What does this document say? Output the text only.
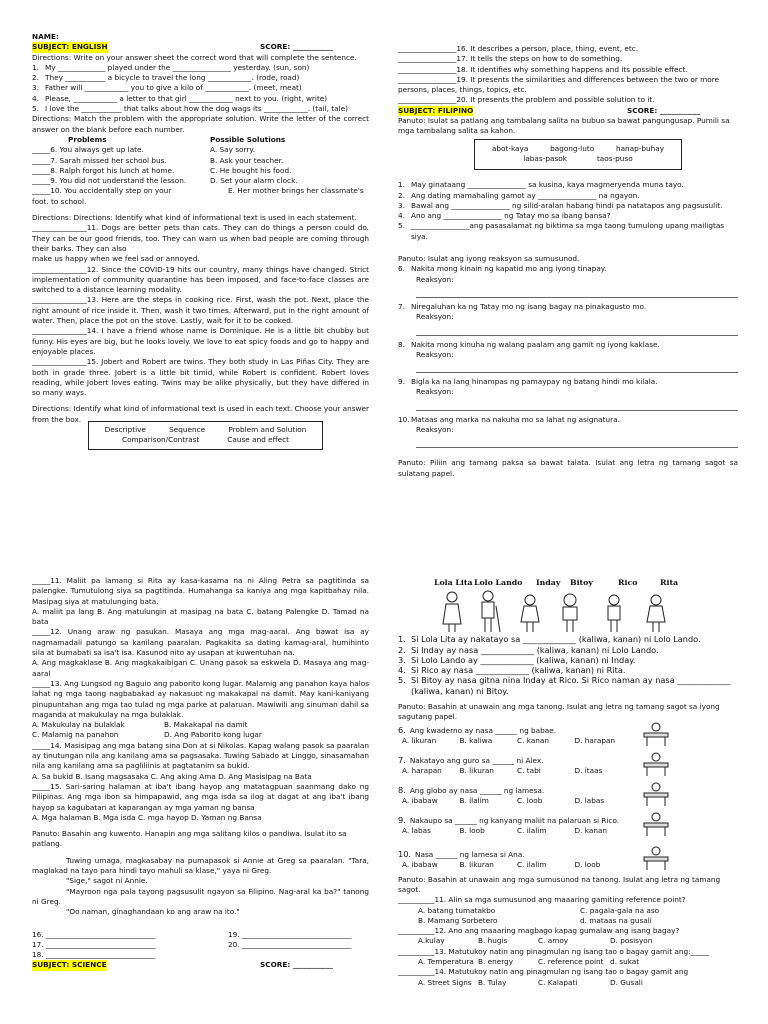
NAME:
SUBJECT: ENGLISH	SCORE: ___________
Directions: Write on your answer sheet the correct word that will complete the sentence.
1. My _____________ played under the ________________ yesterday. (sun, son)
2. They ___________ a bicycle to travel the long ____________. (rode, road)
3. Father will ____________ you to give a kilo of ____________. (meet, meat)
4. Please, ____________ a letter to that girl ____________ next to you. (right, write)
5. I love the ___________ that talks about how the dog wags its ____________. (tail, tale)
Directions: Match the problem with the appropriate solution. Write the letter of the correct answer on the blank before each number.
Problems	Possible Solutions
_____6. You always get up late.	A. Say sorry.
_____7. Sarah missed her school bus.	B. Ask your teacher.
_____8. Ralph forgot his lunch at home.	C. He bought his food.
_____9. You did not understand the lesson.	D. Set your alarm clock.
_____10. You accidentally step on your	E. Her mother brings her classmate's
foot. to school.
Directions: Directions: Identify what kind of informational text is used in each statement.
_______________11. Dogs are better pets than cats. They can do things a person could do. They can be our good friends, too. They can warn us when bad people are coming through their barks. They can also
make us happy when we feel sad or annoyed.
_______________12. Since the COVID-19 hits our country, many things have changed. Strict implementation of community quarantine has been imposed, and face-to-face classes are switched to a distance learning modality.
_______________13. Here are the steps in cooking rice. First, wash the pot. Next, place the right amount of rice inside it. Then, wash it two times. Afterward, put in the right amount of water. Then, place the pot on the stove. Lastly, wait for it to be cooked.
_______________14. I have a friend whose name is Dominique. He is a little bit chubby but funny. His eyes are big, but he looks lovely. We love to eat spicy foods and go to happy and enjoyable places.
_______________15. Jobert and Robert are twins. They both study in Las Piñas City. They are both in grade three. Jobert is a little bit timid, while Robert is confident. Robert loves reading, while Jobert loves eating. Twins may be alike physically, but they have differed in so many ways.
Directions: Identify what kind of informational text is used in each text. Choose your answer from the box.
Descriptive	Sequence	Problem and Solution
Comparison/Contrast	Cause and effect
________________16. It describes a person, place, thing, event, etc.
________________17. It tells the steps on how to do something.
________________18. It identifies why something happens and its possible effect.
________________19. It presents the similarities and differences between the two or more persons, places, things, topics, etc.
________________20. It presents the problem and possible solution to it.
SUBJECT: FILIPINO	SCORE: ___________
Panuto: Isulat sa patlang ang tambalang salita na bubuo sa bawat pangungusap. Pumili sa mga tambalang salita sa kahon.
abot-kaya	bagong-luto	hanap-buhay
labas-pasok	taos-puso
1. May ginataang ________________ sa kusina, kaya magmeryenda muna tayo.
2. Ang dating mamahaling gamot ay ________________ na ngayon.
3. Bawal ang ________________ ng silid-aralan habang hindi pa natatapos ang pagsusulit.
4. Ano ang ________________ ng Tatay mo sa ibang bansa?
5. ________________ang pasasalamat ng biktima sa mga taong tumulong upang mailigtas siya.
Panuto: Isulat ang iyong reaksyon sa sumusunod.
6. Nakita mong kinain ng kapatid mo ang iyong tinapay.
Reaksyon:
7. Niregaluhan ka ng Tatay mo ng isang bagay na pinakagusto mo.
Reaksyon:
8. Nakita mong kinuha ng walang paalam ang gamit ng iyong kaklase.
Reaksyon:
9. Bigla ka na lang hinampas ng pamaypay ng batang hindi mo kilala.
Reaksyon:
10. Mataas ang marka na nakuha mo sa lahat ng asignatura.
Reaksyon:
Panuto: Piliin ang tamang paksa sa bawat talata. Isulat ang letra ng tamang sagot sa sulatang papel.
_____11. Maliit pa lamang si Rita ay kasa-kasama na ni Aling Petra sa pagtitinda sa palengke. Tumutulong siya sa pagtitinda. Humahanga sa kaniya ang mga kapitbahay nila. Masipag siya at matulunging bata.
A. maliit pa lang B. Ang matulungin at masipag na bata C. batang Palengke D. Tamad na bata
_____12. Unang araw ng pasukan. Masaya ang mga mag-aaral. Ang bawat isa ay nagmamadali patungo sa kanilang paaralan. Pagkakita sa dating kamag-aral, humihinto sila at bumabati sa isa't isa. Kasunod nito ay usapan at kuwentuhan na.
A. Ang magkaklase B. Ang magkakaibigan C. Unang pasok sa eskwela D. Masaya ang mag-aaral
_____13. Ang Lungsod ng Baguio ang paborito kong lugar. Malamig ang panahon kaya halos lahat ng mga taong nagbabakad ay nakasuot ng makakapal na damit. May kani-kaniyang pinupuntahan ang mga tao tulad ng mga parke at palaruan. Mawiwili ang sinuman dahil sa maganda at makukulay na mga bulaklak.
A. Makukulay na bulaklak	B. Makakapal na damit
C. Malamig na panahon	D. Ang Paborito kong lugar
_____14. Masisipag ang mga batang sina Don at si Nikolas. Kapag walang pasok sa paaralan ay tinutungan nila ang kanilang ama sa pagsasaka. Tuwing Sabado at Linggo, sinasamahan nila ang kanilang ama sa pagliliinis at pagtatanim sa bukid.
A. Sa bukid B. Isang magsasaka C. Ang aking Ama D. Ang Masisipag na Bata
_____15. Sari-saring halaman at iba't ibang hayop ang matatagpuan saanmang dako ng Pilipinas. Ang mga ibon sa himpapawid, ang mga isda sa ilog at dagat at ang iba't ibang hayop sa kagubatan at kaparangan ay mga yaman ng bansa
A. Mga halaman B. Mga isda C. mga hayop D. Yaman ng Bansa
Panuto: Basahin ang kuwento. Hanapin ang mga salitang kilos o pandiwa. Isulat ito sa patlang.
Tuwing umaga, magkasabay na pumapasok si Annie at Greg sa paaralan. "Tara, maglakad na tayo para hindi tayo mahuli sa klase," yaya ni Greg.
"Sige," sagot ni Annie.
"Mayroon nga pala tayong pagsusulit ngayon sa Filipino. Nag-aral ka ba?" tanong ni Greg.
"Oo naman, ginaghandaan ko ang araw na ito."
16. ______________________________
17. ______________________________
18. ______________________________
19. ______________________________
20. ______________________________
SUBJECT: SCIENCE	SCORE: ___________
Lola Lita Lolo Lando	Inday	Bitoy	Rico	Rita
1. Si Lola Lita ay nakatayo sa _____________ (kaliwa, kanan) ni Lolo Lando.
2. Si Inday ay nasa _____________ (kaliwa, kanan) ni Lolo Lando.
3. Si Lolo Lando ay _____________ (kaliwa, kanan) ni Inday.
4. Si Rico ay nasa _____________ (kaliwa, kanan) ni Rita.
5. Si Bitoy ay nasa gitna nina Inday at Rico. Si Rico naman ay nasa _____________ (kaliwa, kanan) ni Bitoy.
Panuto: Basahin at unawain ang mga tanong. Isulat ang letra ng tamang sagot sa iyong sagutang papel.
6. Ang kwaderno ay nasa ______ ng babae.
A. likuran	B. kaliwa	C. kanan	D. harapan
7. Nakatayo ang guro sa ______ ni Alex.
A. harapan	B. likuran	C. tabi	D. itaas
8. Ang globo ay nasa ______ ng lamesa.
A. ibabaw	B. ilalim	C. loob	D. labas
9. Nakaupo sa ______ ng kanyang maliit na palaruan si Rico.
A. labas	B. loob	C. ilalim	D. kanan
10. Nasa ______ ng lamesa si Ana.
A. ibabaw	B. likuran	C. ilalim	D. loob
Panuto: Basahin at unawain ang mga sumusunod na tanong. Isulat ang letra ng tamang sagot.
__________11. Alin sa mga sumusunod ang maaaring gamiting reference point?
A. batang tumatakbo	C. pagala-gala na aso
B. Mamang Sorbetero	d. mataas na gusali
__________12. Ano ang maaaring magbago kapag gumalaw ang isang bagay?
A.kulay	B. hugis	C. amoy	D. posisyon
__________13. Matutukoy natin ang pinagmulan ng isang tao o bagay gamit ang:_____
A. Temperatura B. energy	C. reference point d. sukat
__________14. Matutukoy natin ang pinagmulan ng isang tao o bagay gamit ang
A. Street Signs B. Tulay	C. Kalapati	D. Gusali
